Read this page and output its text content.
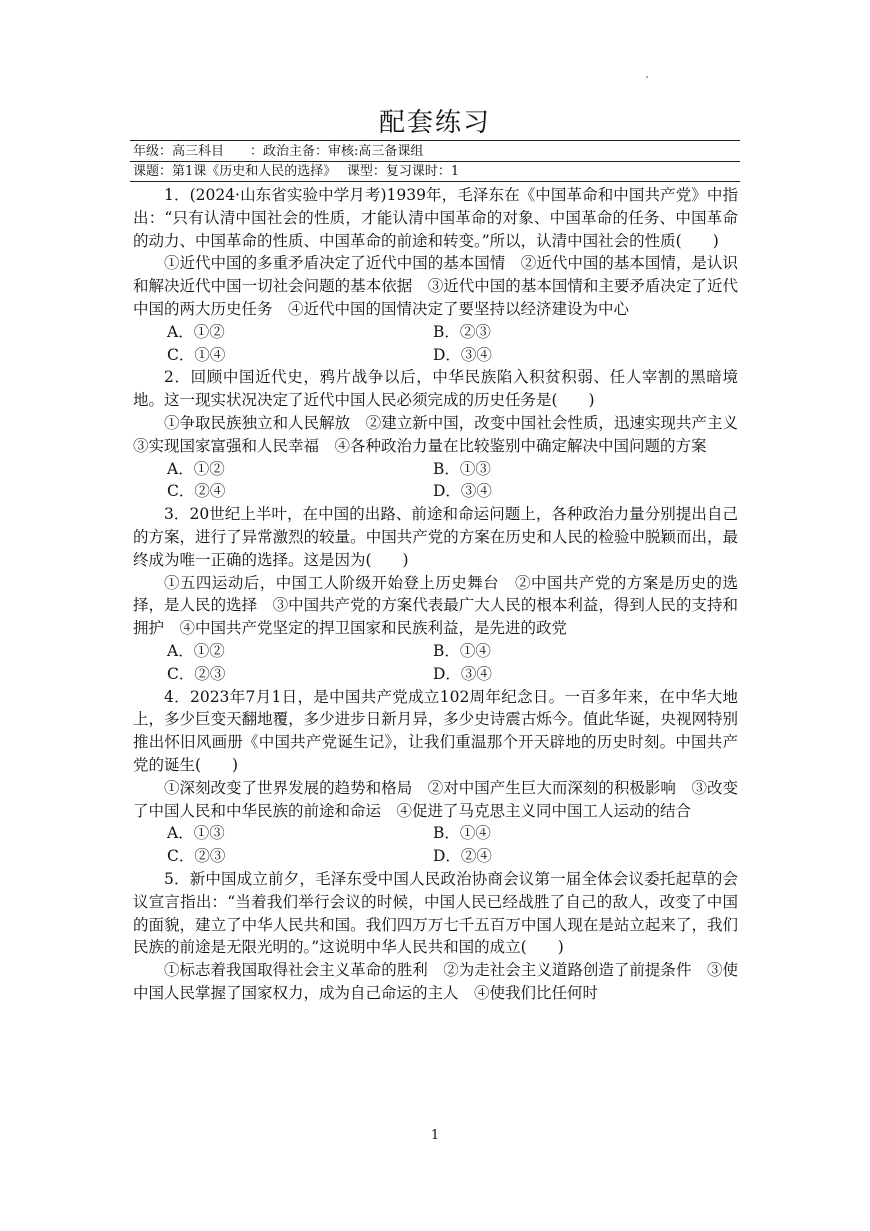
配套练习
年级：高三科目　　：政治主备：审核:高三备课组
课题：第1课《历史和人民的选择》　 课型：复习课时：1

1．(2024·山东省实验中学月考)1939年，毛泽东在《中国革命和中国共产党》中指出：“只有认清中国社会的性质，才能认清中国革命的对象、中国革命的任务、中国革命的动力、中国革命的性质、中国革命的前途和转变。”所以，认清中国社会的性质(　　)

①近代中国的多重矛盾决定了近代中国的基本国情　②近代中国的基本国情，是认识和解决近代中国一切社会问题的基本依据　③近代中国的基本国情和主要矛盾决定了近代中国的两大历史任务　④近代中国的国情决定了要坚持以经济建设为中心

A．①②	B．②③
C．①④	D．③④

2．回顾中国近代史，鸦片战争以后，中华民族陷入积贫积弱、任人宰割的黑暗境地。这一现实状况决定了近代中国人民必须完成的历史任务是(　　)

①争取民族独立和人民解放　②建立新中国，改变中国社会性质，迅速实现共产主义　③实现国家富强和人民幸福　④各种政治力量在比较鉴别中确定解决中国问题的方案

A．①②	B．①③
C．②④	D．③④

3．20世纪上半叶，在中国的出路、前途和命运问题上，各种政治力量分别提出自己的方案，进行了异常激烈的较量。中国共产党的方案在历史和人民的检验中脱颖而出，最终成为唯一正确的选择。这是因为(　　)

①五四运动后，中国工人阶级开始登上历史舞台　②中国共产党的方案是历史的选择，是人民的选择　③中国共产党的方案代表最广大人民的根本利益，得到人民的支持和拥护　④中国共产党坚定的捍卫国家和民族利益，是先进的政党

A．①②	B．①④
C．②③	D．③④

4．2023年7月1日，是中国共产党成立102周年纪念日。一百多年来，在中华大地上，多少巨变天翻地覆，多少进步日新月异，多少史诗震古烁今。值此华诞，央视网特别推出怀旧风画册《中国共产党诞生记》，让我们重温那个开天辟地的历史时刻。中国共产党的诞生(　　)

①深刻改变了世界发展的趋势和格局　②对中国产生巨大而深刻的积极影响　③改变了中国人民和中华民族的前途和命运　④促进了马克思主义同中国工人运动的结合

A．①③	B．①④
C．②③	D．②④

5．新中国成立前夕，毛泽东受中国人民政治协商会议第一届全体会议委托起草的会议宣言指出：“当着我们举行会议的时候，中国人民已经战胜了自己的敌人，改变了中国的面貌，建立了中华人民共和国。我们四万万七千五百万中国人现在是站立起来了，我们民族的前途是无限光明的。”这说明中华人民共和国的成立(　　)

①标志着我国取得社会主义革命的胜利　②为走社会主义道路创造了前提条件　③使中国人民掌握了国家权力，成为自己命运的主人　④使我们比任何时

1
